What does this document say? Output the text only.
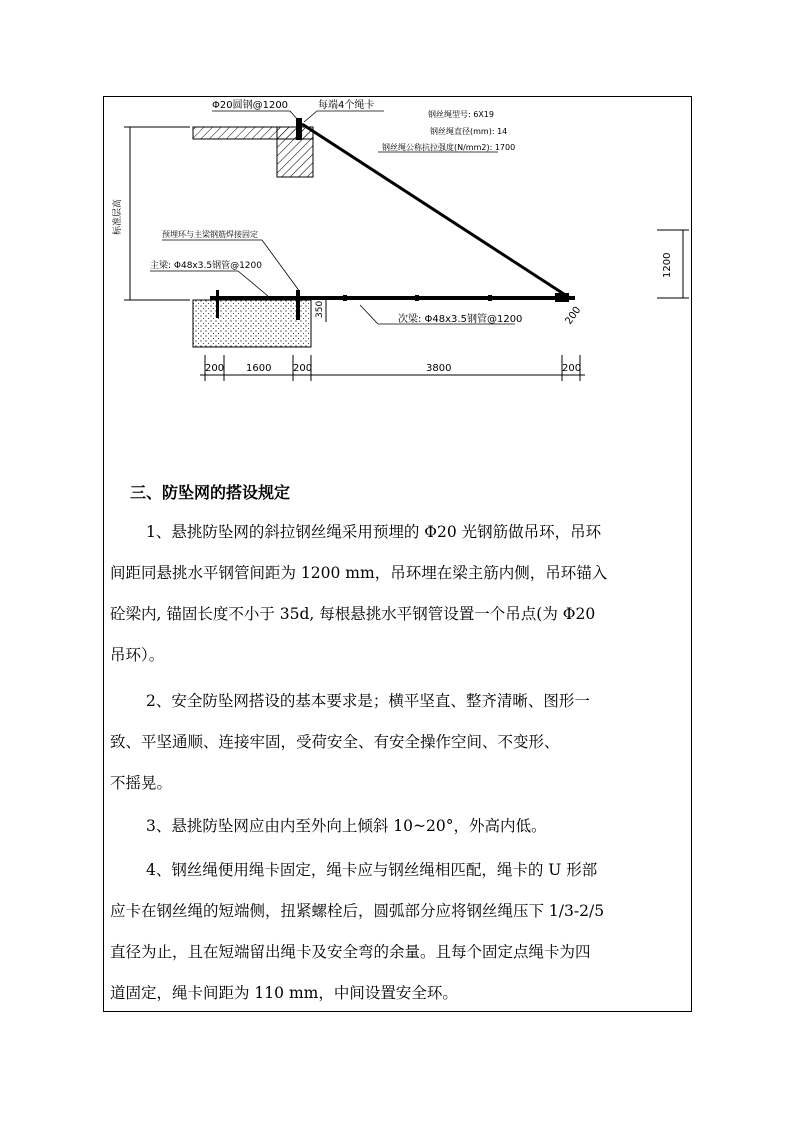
标准层高
1200
350	200
Φ20圆钢@1200	每端4个绳卡
钢丝绳型号: 6X19
钢丝绳直径(mm): 14
钢丝绳公称抗拉强度(N/mm2): 1700
预埋环与主梁钢筋焊接固定
主梁: Φ48x3.5钢管@1200
次梁: Φ48x3.5钢管@1200
200 1600 200	3800	200
三、防坠网的搭设规定

1、悬挑防坠网的斜拉钢丝绳采用预埋的 Φ20 光钢筋做吊环，吊环

间距同悬挑水平钢管间距为 1200 mm，吊环埋在梁主筋内侧，吊环锚入

砼梁内, 锚固长度不小于 35d, 每根悬挑水平钢管设置一个吊点(为 Φ20

吊环）。

2、安全防坠网搭设的基本要求是；横平坚直、整齐清晰、图形一

致、平坚通顺、连接牢固，受荷安全、有安全操作空间、不变形、

不摇晃。

3、悬挑防坠网应由内至外向上倾斜 10~20°，外高内低。

4、钢丝绳便用绳卡固定，绳卡应与钢丝绳相匹配，绳卡的 U 形部

应卡在钢丝绳的短端侧，扭紧螺栓后，圆弧部分应将钢丝绳压下 1/3-2/5

直径为止，且在短端留出绳卡及安全弯的余量。且每个固定点绳卡为四

道固定，绳卡间距为 110 mm，中间设置安全环。
